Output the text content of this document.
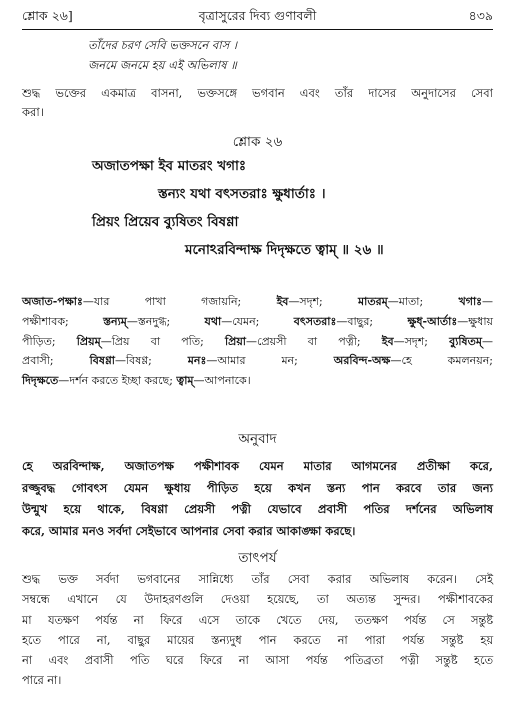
শ্লোক ২৬]	বৃত্রাসুরের দিব্য গুণাবলী	৪৩৯
তাঁদের চরণ সেবি ভক্তসনে বাস ।
জনমে জনমে হয় এই অভিলাষ ॥
শুদ্ধ ভক্তের একমাত্র বাসনা, ভক্তসঙ্গে ভগবান এবং তাঁর দাসের অনুদাসের সেবা
করা।
শ্লোক ২৬
অজাতপক্ষা ইব মাতরং খগাঃ
স্তন্যং যথা বৎসতরাঃ ক্ষুধার্তাঃ ।
প্রিয়ং প্রিয়েব ব্যুষিতং বিষণ্ণা
মনোঽরবিন্দাক্ষ দিদৃক্ষতে ত্বাম্ ॥ ২৬ ॥
অজাত-পক্ষাঃ—যার পাখা গজায়নি; ইব—সদৃশ; মাতরম্—মাতা; খগাঃ—
পক্ষীশাবক; স্তন্যম্—স্তনদুগ্ধ; যথা—যেমন; বৎসতরাঃ—বাছুর; ক্ষুধ্-আর্তাঃ—ক্ষুধায়
পীড়িত; প্রিয়ম্—প্রিয় বা পতি; প্রিয়া—প্রেয়সী বা পত্নী; ইব—সদৃশ; ব্যুষিতম্—
প্রবাসী; বিষণ্ণা—বিষণ্ণ; মনঃ—আমার মন; অরবিন্দ-অক্ষ—হে কমলনয়ন;
দিদৃক্ষতে—দর্শন করতে ইচ্ছা করছে; ত্বাম্—আপনাকে।
অনুবাদ
হে অরবিন্দাক্ষ, অজাতপক্ষ পক্ষীশাবক যেমন মাতার আগমনের প্রতীক্ষা করে,
রজ্জুবদ্ধ গোবৎস যেমন ক্ষুধায় পীড়িত হয়ে কখন স্তন্য পান করবে তার জন্য
উন্মুখ হয়ে থাকে, বিষণ্ণা প্রেয়সী পত্নী যেভাবে প্রবাসী পতির দর্শনের অভিলাষ
করে, আমার মনও সর্বদা সেইভাবে আপনার সেবা করার আকাঙ্ক্ষা করছে।
তাৎপর্য
শুদ্ধ ভক্ত সর্বদা ভগবানের সান্নিধ্যে তাঁর সেবা করার অভিলাষ করেন। সেই
সম্বন্ধে এখানে যে উদাহরণগুলি দেওয়া হয়েছে, তা অত্যন্ত সুন্দর। পক্ষীশাবকের
মা যতক্ষণ পর্যন্ত না ফিরে এসে তাকে খেতে দেয়, ততক্ষণ পর্যন্ত সে সন্তুষ্ট
হতে পারে না, বাছুর মায়ের স্তন্যদুধ পান করতে না পারা পর্যন্ত সন্তুষ্ট হয়
না এবং প্রবাসী পতি ঘরে ফিরে না আসা পর্যন্ত পতিব্রতা পত্নী সন্তুষ্ট হতে
পারে না।
